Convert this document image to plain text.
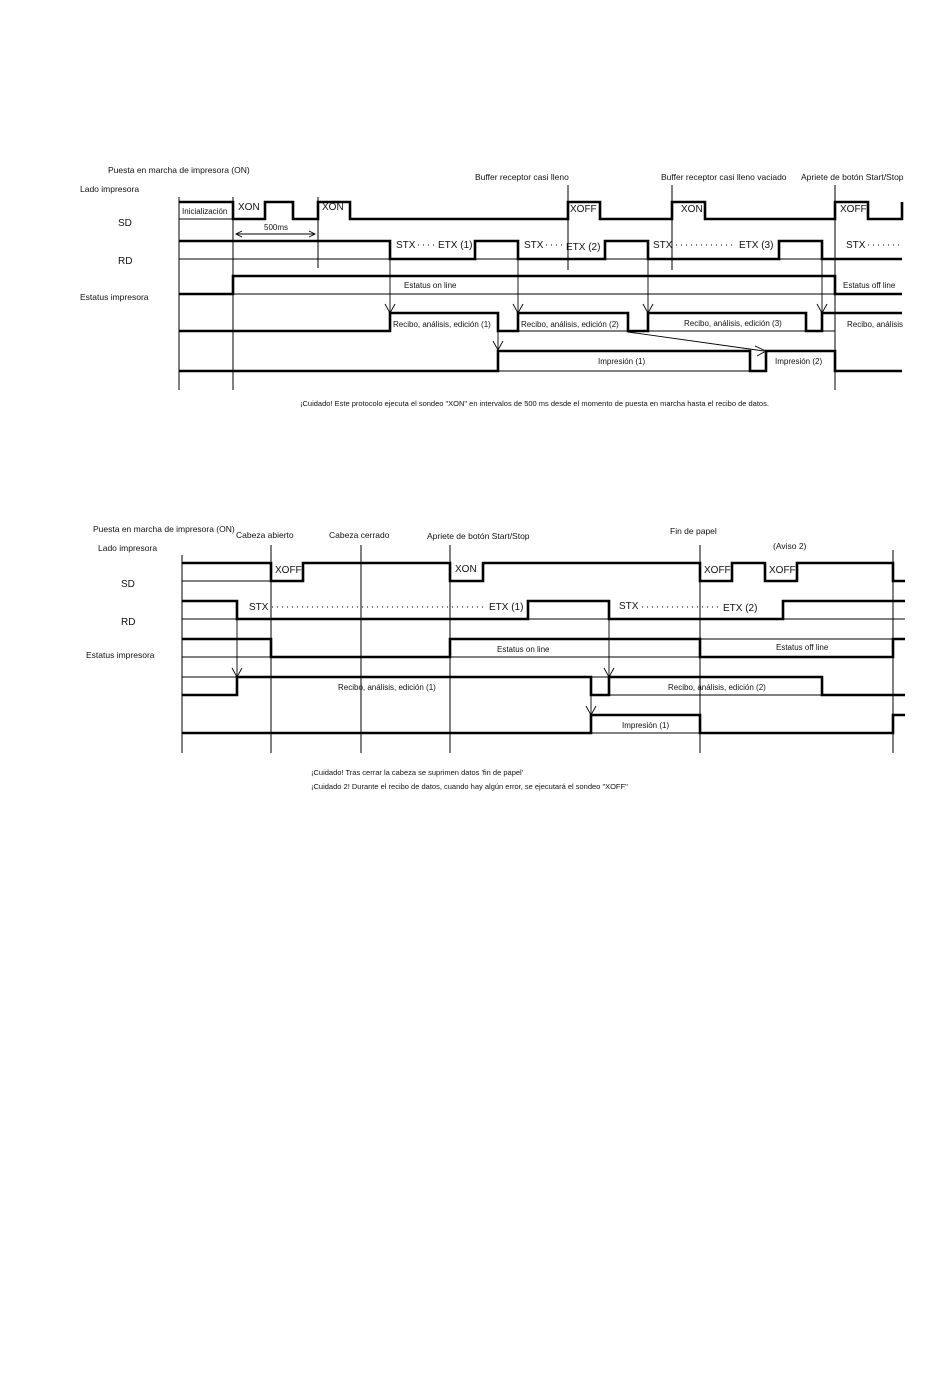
Puesta en marcha de impresora (ON)
Lado impresora
SD
RD
Estatus impresora
Buffer receptor casi lleno	Buffer receptor casi lleno vaciado Apriete de botón Start/Stop
Inicialización XON	XON	XOFF	XON	XOFF
500ms
STX ETX (1)	STX ETX (2)	STX	ETX (3)	STX
Estatus on line	Estatus off line
Recibo, análisis, edición (1)	Recibo, análisis, edición (2)	Recibo, análisis, edición (3)	Recibo, análisis
Impresión (1)	Impresión (2)
¡Cuidado! Este protocolo ejecuta el sondeo "XON" en intervalos de 500 ms desde el momento de puesta en marcha hasta el recibo de datos.
Puesta en marcha de impresora (ON)
Lado impresora
SD
RD
Estatus impresora
Cabeza abierto	Cabeza cerrado	Apriete de botón Start/Stop	Fin de papel
(Aviso 2)
XOFF	XON	XOFF	XOFF
STX	ETX (1)	STX	ETX (2)
Estatus on line	Estatus off line
Recibo, análisis, edición (1)	Recibo, análisis, edición (2)
Impresión (1)
¡Cuidado! Tras cerrar la cabeza se suprimen datos 'fin de papel'
¡Cuidado 2! Durante el recibo de datos, cuando hay algún error, se ejecutará el sondeo "XOFF"
